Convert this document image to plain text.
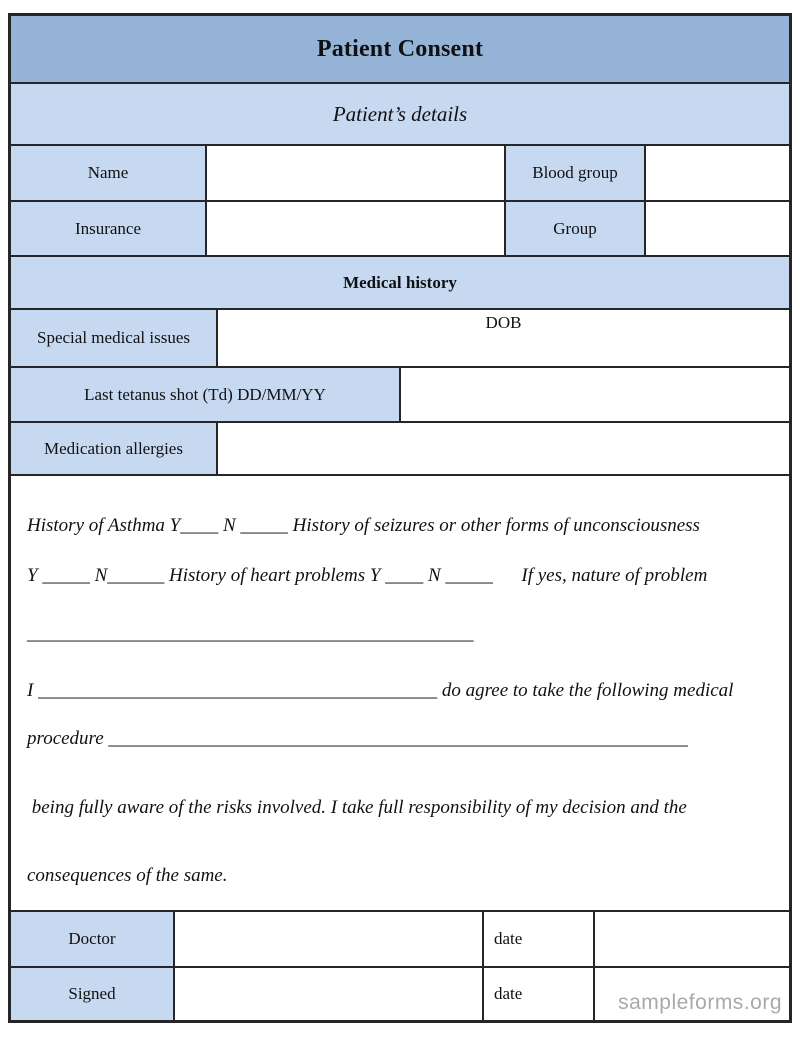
Patient Consent
Patient’s details
Name	Blood group
Insurance	Group
Medical history
Special medical issues
DOB
Last tetanus shot (Td) DD/MM/YY
Medication allergies
History of Asthma Y____ N _____ History of seizures or other forms of unconsciousness
Y _____ N______ History of heart problems Y ____ N _____      If yes, nature of problem
_______________________________________________
I __________________________________________ do agree to take the following medical
procedure _____________________________________________________________
being fully aware of the risks involved. I take full responsibility of my decision and the
consequences of the same.
Doctor	date
Signed	date	sampleforms.org
